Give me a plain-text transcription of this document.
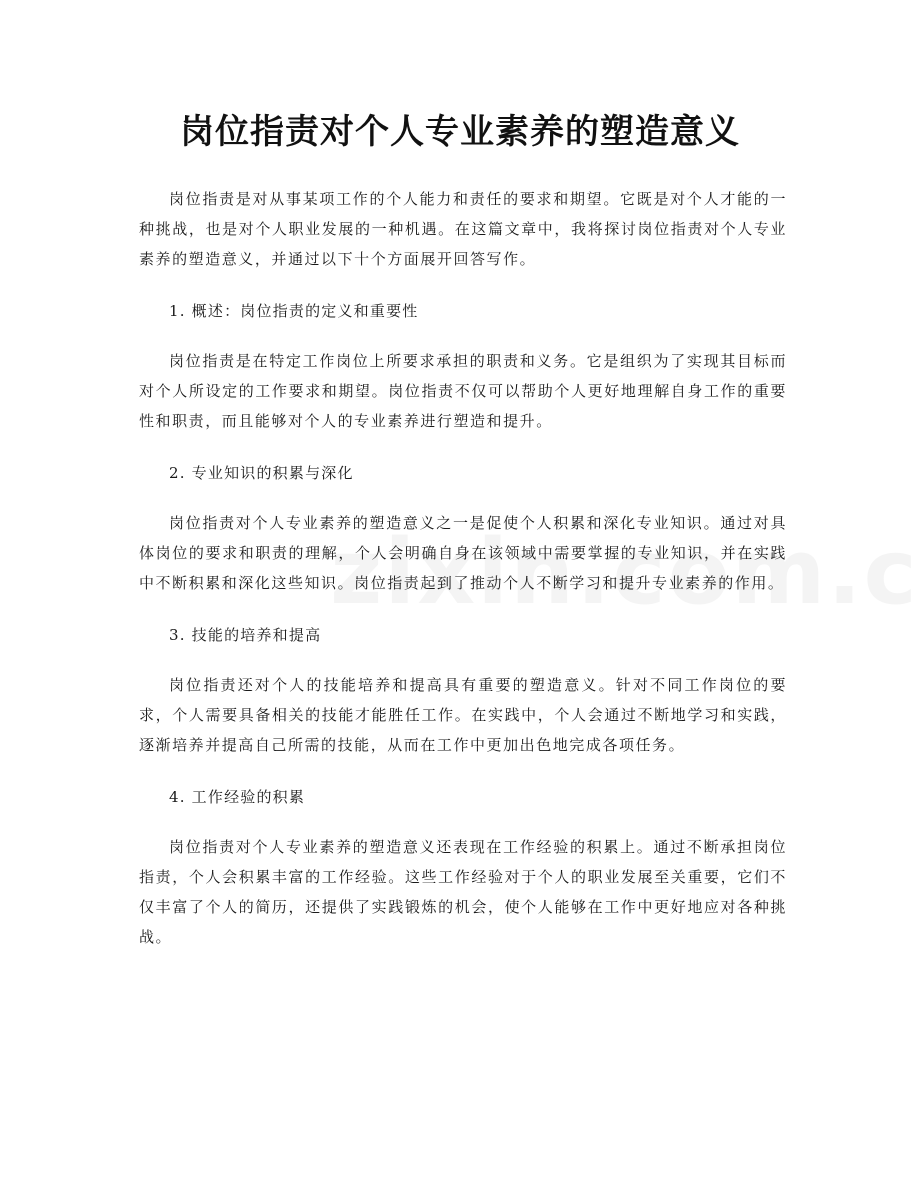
岗位指责对个人专业素养的塑造意义

岗位指责是对从事某项工作的个人能力和责任的要求和期望。它既是对个人才能的一种挑战，也是对个人职业发展的一种机遇。在这篇文章中，我将探讨岗位指责对个人专业素养的塑造意义，并通过以下十个方面展开回答写作。

1. 概述：岗位指责的定义和重要性

岗位指责是在特定工作岗位上所要求承担的职责和义务。它是组织为了实现其目标而对个人所设定的工作要求和期望。岗位指责不仅可以帮助个人更好地理解自身工作的重要性和职责，而且能够对个人的专业素养进行塑造和提升。

2. 专业知识的积累与深化

岗位指责对个人专业素养的塑造意义之一是促使个人积累和深化专业知识。通过对具体岗位的要求和职责的理解，个人会明确自身在该领域中需要掌握的专业知识，并在实践中不断积累和深化这些知识。岗位指责起到了推动个人不断学习和提升专业素养的作用。

3. 技能的培养和提高

岗位指责还对个人的技能培养和提高具有重要的塑造意义。针对不同工作岗位的要求，个人需要具备相关的技能才能胜任工作。在实践中，个人会通过不断地学习和实践，逐渐培养并提高自己所需的技能，从而在工作中更加出色地完成各项任务。

4. 工作经验的积累

岗位指责对个人专业素养的塑造意义还表现在工作经验的积累上。通过不断承担岗位指责，个人会积累丰富的工作经验。这些工作经验对于个人的职业发展至关重要，它们不仅丰富了个人的简历，还提供了实践锻炼的机会，使个人能够在工作中更好地应对各种挑战。
